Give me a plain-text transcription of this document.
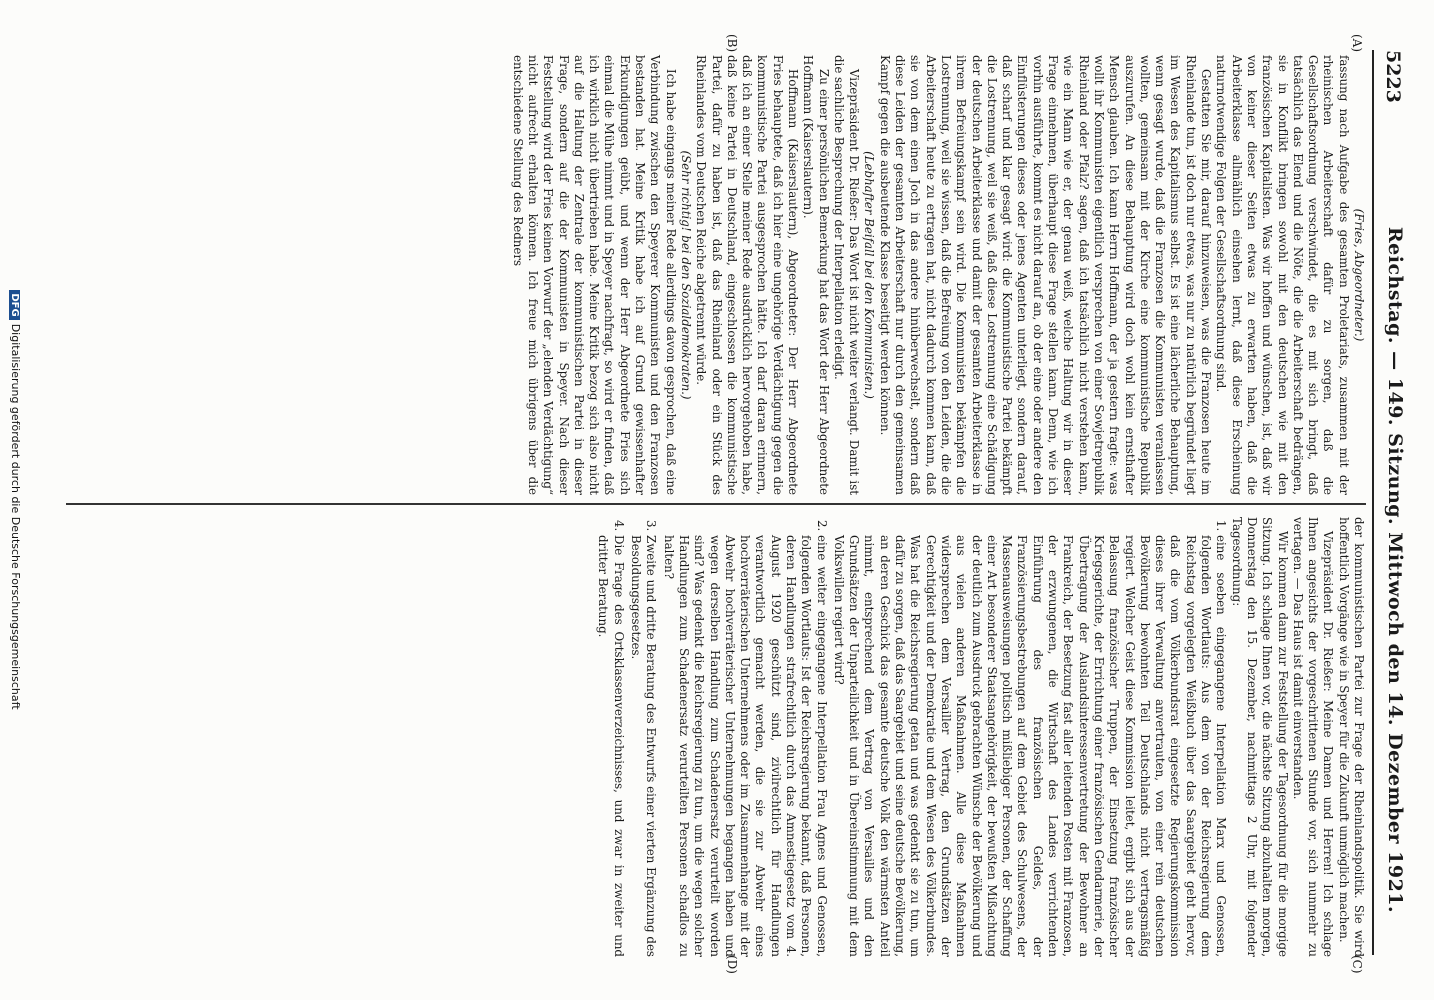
5223
Reichstag. — 149. Sitzung. Mittwoch den 14. Dezember 1921.
(A)
(C)
(B)
(D)

(Fries, Abgeordneter.)

fassung nach Aufgabe des gesamten Proletariats, zusammen mit der rheinischen Arbeiterschaft dafür zu sorgen, daß die Gesellschaftsordnung verschwindet, die es mit sich bringt, daß tatsächlich das Elend und die Nöte, die die Arbeiterschaft bedrängen, sie in Konflikt bringen sowohl mit den deutschen wie mit den französischen Kapitalisten. Was wir hoffen und wünschen, ist, daß wir von keiner dieser Seiten etwas zu erwarten haben, daß die Arbeiterklasse allmählich einsehen lernt, daß diese Erscheinung naturnotwendige Folgen der Gesellschaftsordnung sind.

Gestatten Sie mir, darauf hinzuweisen, was die Franzosen heute im Rheinlande tun, ist doch nur etwas, was nur zu natürlich begründet liegt im Wesen des Kapitalismus selbst. Es ist eine lächerliche Behauptung, wenn gesagt wurde, daß die Franzosen die Kommunisten veranlassen wollten, gemeinsam mit der Kirche eine kommunistische Republik auszurufen. An diese Behauptung wird doch wohl kein ernsthafter Mensch glauben. Ich kann Herrn Hoffmann, der ja gestern fragte: was wollt ihr Kommunisten eigentlich versprechen von einer Sowjetrepublik Rheinland oder Pfalz? sagen, daß ich tatsächlich nicht verstehen kann, wie ein Mann wie er, der genau weiß, welche Haltung wir in dieser Frage einnehmen, überhaupt diese Frage stellen kann. Denn, wie ich vorhin ausführte, kommt es nicht darauf an, ob der eine oder andere den Einflüsterungen dieses oder jenes Agenten unterliegt, sondern darauf, daß scharf und klar gesagt wird: die Kommunistische Partei bekämpft die Lostrennung, weil sie weiß, daß diese Lostrennung eine Schädigung der deutschen Arbeiterklasse und damit der gesamten Arbeiterklasse in ihrem Befreiungskampf sein wird. Die Kommunisten bekämpfen die Lostrennung, weil sie wissen, daß die Befreiung von den Leiden, die die Arbeiterschaft heute zu ertragen hat, nicht dadurch kommen kann, daß sie von dem einen Joch in das andere hinüberwechselt, sondern daß diese Leiden der gesamten Arbeiterschaft nur durch den gemeinsamen Kampf gegen die ausbeutende Klasse beseitigt werden können.

(Lebhafter Beifall bei den Kommunisten.)

Vizepräsident Dr. Rießer: Das Wort ist nicht weiter verlangt. Damit ist die sachliche Besprechung der Interpellation erledigt.

Zu einer persönlichen Bemerkung hat das Wort der Herr Abgeordnete Hoffmann (Kaiserslautern).

Hoffmann (Kaiserslautern), Abgeordneter: Der Herr Abgeordnete Fries behauptete, daß ich hier eine ungehörige Verdächtigung gegen die kommunistische Partei ausgesprochen hätte. Ich darf daran erinnern, daß ich an einer Stelle meiner Rede ausdrücklich hervorgehoben habe, daß keine Partei in Deutschland, eingeschlossen die kommunistische Partei, dafür zu haben ist, daß das Rheinland oder ein Stück des Rheinlandes vom Deutschen Reiche abgetrennt würde.

(Sehr richtig! bei den Sozialdemokraten.)

Ich habe eingangs meiner Rede allerdings davon gesprochen, daß eine Verbindung zwischen den Speyerer Kommunisten und den Franzosen bestanden hat. Meine Kritik habe ich auf Grund gewissenhafter Erkundigungen geübt, und wenn der Herr Abgeordnete Fries sich einmal die Mühe nimmt und in Speyer nachfragt, so wird er finden, daß ich wirklich nicht übertrieben habe. Meine Kritik bezog sich also nicht auf die Haltung der Zentrale der kommunistischen Partei in dieser Frage, sondern auf die der Kommunisten in Speyer. Nach dieser Feststellung wird der Fries keinen Vorwurf der „elenden Verdächtigung“ nicht aufrecht erhalten können. Ich freue mich übrigens über die entschiedene Stellung des Redners

der kommunistischen Partei zur Frage der Rheinlandspolitik. Sie wird hoffentlich Vorgänge wie in Speyer für die Zukunft unmöglich machen.

Vizepräsident Dr. Rießer: Meine Damen und Herren! Ich schlage Ihnen angesichts der vorgeschrittenen Stunde vor, sich nunmehr zu vertagen. — Das Haus ist damit einverstanden.

Wir kommen dann zur Feststellung der Tagesordnung für die morgige Sitzung. Ich schlage Ihnen vor, die nächste Sitzung abzuhalten morgen, Donnerstag den 15. Dezember, nachmittags 2 Uhr, mit folgender Tagesordnung:

1. eine soeben eingegangene Interpellation Marx und Genossen, folgenden Wortlauts: Aus dem von der Reichsregierung dem Reichstag vorgelegten Weißbuch über das Saargebiet geht hervor, daß die vom Völkerbundsrat eingesetzte Regierungskommission dieses ihrer Verwaltung anvertrauten, von einer rein deutschen Bevölkerung bewohnten Teil Deutschlands nicht vertragsmäßig regiert. Welcher Geist diese Kommission leitet, ergibt sich aus der Belassung französischer Truppen, der Einsetzung französischer Kriegsgerichte, der Errichtung einer französischen Gendarmerie, der Übertragung der Auslandsinteressenvertretung der Bewohner an Frankreich, der Besetzung fast aller leitenden Posten mit Franzosen, der erzwungenen, die Wirtschaft des Landes verrichtenden Einführung des französischen Geldes, der Französierungsbestrebungen auf dem Gebiet des Schulwesens, der Massenausweisungen politisch mißliebiger Personen, der Schaffung einer Art besonderer Staatsangehörigkeit, der bewußten Mißachtung der deutlich zum Ausdruck gebrachten Wünsche der Bevölkerung und aus vielen anderen Maßnahmen. Alle diese Maßnahmen widersprechen dem Versailler Vertrag, den Grundsätzen der Gerechtigkeit und der Demokratie und dem Wesen des Völkerbundes. Was hat die Reichsregierung getan und was gedenkt sie zu tun, um dafür zu sorgen, daß das Saargebiet und seine deutsche Bevölkerung, an deren Geschick das gesamte deutsche Volk den wärmsten Anteil nimmt, entsprechend dem Vertrag von Versailles und den Grundsätzen der Unparteilichkeit und in Übereinstimmung mit dem Volkswillen regiert wird?
2. eine weiter eingegangene Interpellation Frau Agnes und Genossen, folgenden Wortlauts: Ist der Reichsregierung bekannt, daß Personen, deren Handlungen strafrechtlich durch das Amnestiegesetz vom 4. August 1920 geschützt sind, zivilrechtlich für Handlungen verantwortlich gemacht werden, die sie zur Abwehr eines hochverräterischen Unternehmens oder im Zusammenhange mit der Abwehr hochverräterischer Unternehmungen begangen haben und wegen derselben Handlung zum Schadenersatz verurteilt worden sind? Was gedenkt die Reichsregierung zu tun, um die wegen solcher Handlungen zum Schadenersatz verurteilten Personen schadlos zu halten?
3. Zweite und dritte Beratung des Entwurfs einer vierten Ergänzung des Besoldungsgesetzes.
4. Die Frage des Ortsklassenverzeichnisses, und zwar in zweiter und dritter Beratung.
DFGDigitalisierung gefördert durch die Deutsche Forschungsgemeinschaft
